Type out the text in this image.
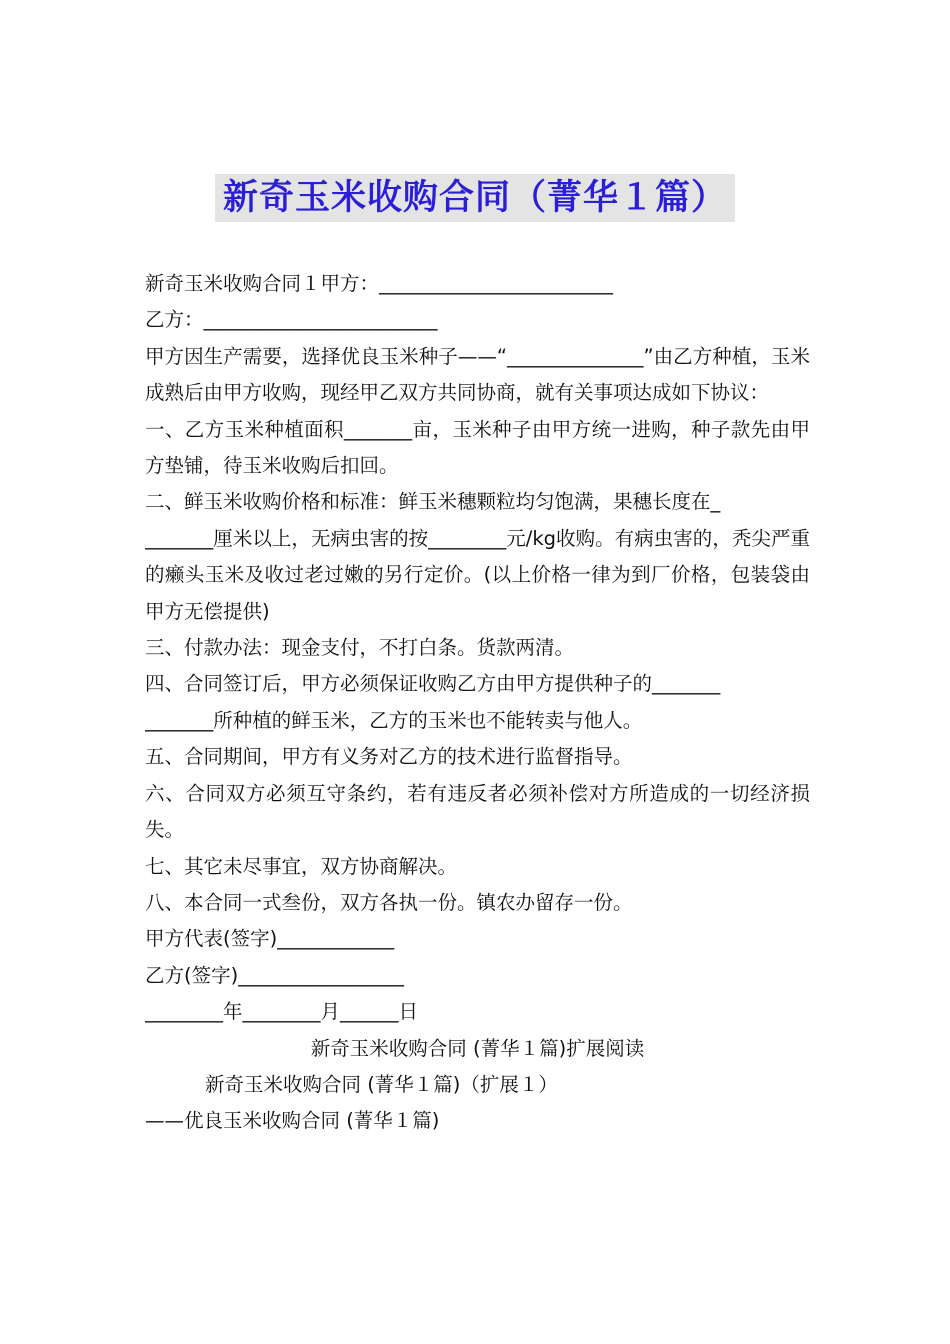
新奇玉米收购合同（菁华１篇）

新奇玉米收购合同１甲方：________________________

乙方：________________________

甲方因生产需要，选择优良玉米种子——“______________”由乙方种植，玉米成熟后由甲方收购，现经甲乙双方共同协商，就有关事项达成如下协议：

一、乙方玉米种植面积_______亩，玉米种子由甲方统一进购，种子款先由甲方垫铺，待玉米收购后扣回。

二、鲜玉米收购价格和标准：鲜玉米穗颗粒均匀饱满，果穗长度在_

_______厘米以上，无病虫害的按________元/kg收购。有病虫害的，秃尖严重的癞头玉米及收过老过嫩的另行定价。(以上价格一律为到厂价格，包装袋由甲方无偿提供)

三、付款办法：现金支付，不打白条。货款两清。

四、合同签订后，甲方必须保证收购乙方由甲方提供种子的_______

_______所种植的鲜玉米，乙方的玉米也不能转卖与他人。

五、合同期间，甲方有义务对乙方的技术进行监督指导。

六、合同双方必须互守条约，若有违反者必须补偿对方所造成的一切经济损失。

七、其它未尽事宜，双方协商解决。

八、本合同一式叁份，双方各执一份。镇农办留存一份。

甲方代表(签字)____________

乙方(签字)_________________

________年________月______日

新奇玉米收购合同 (菁华１篇)扩展阅读

新奇玉米收购合同 (菁华１篇)（扩展１）

——优良玉米收购合同 (菁华１篇)
